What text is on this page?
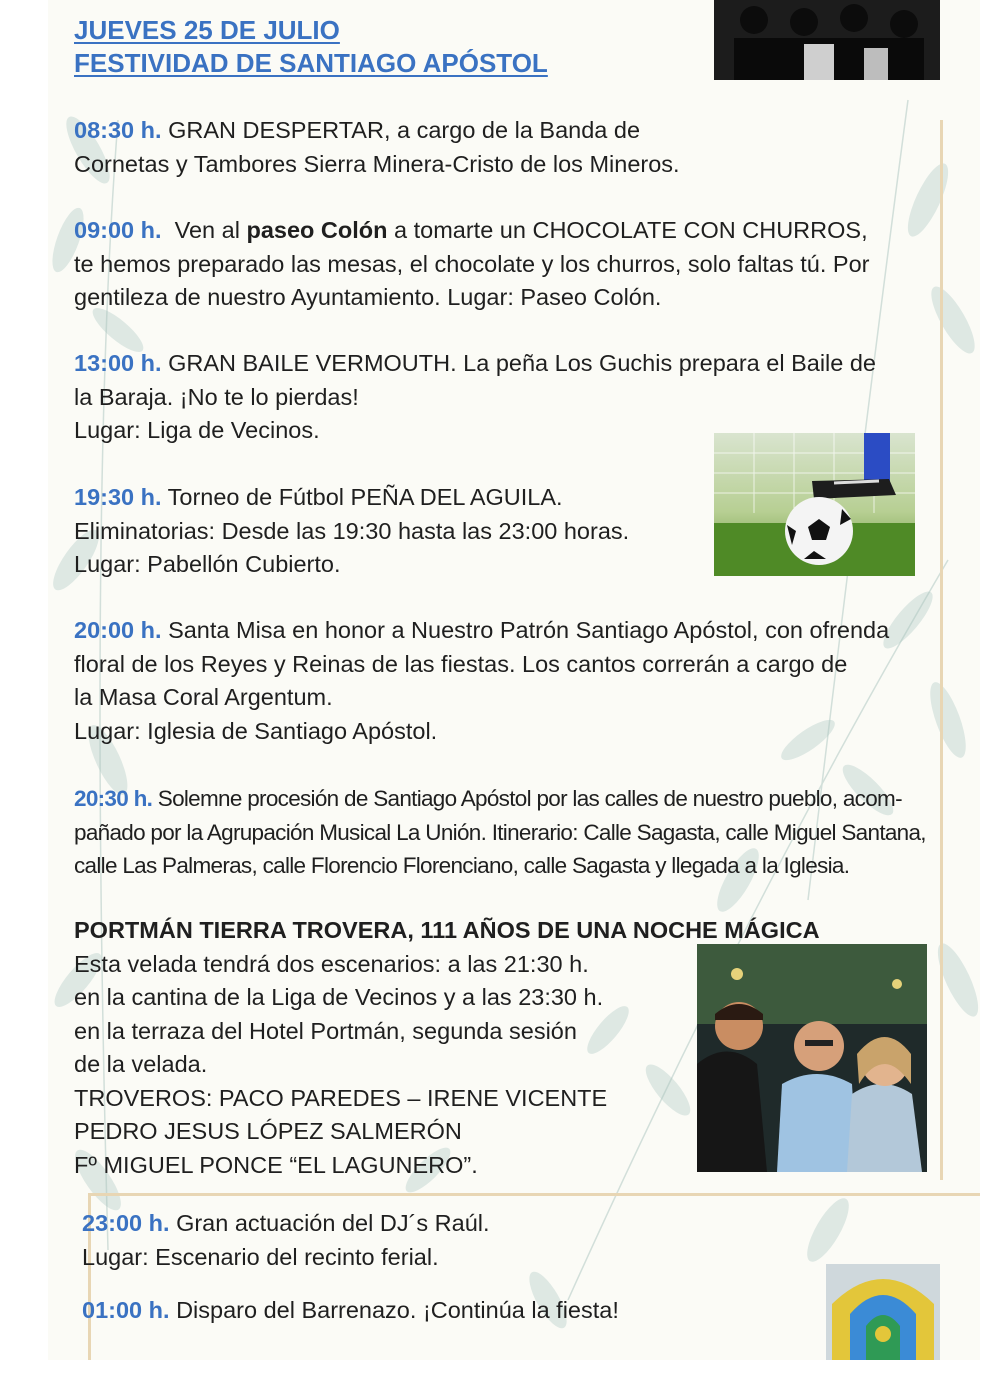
JUEVES 25 DE JULIO
FESTIVIDAD DE SANTIAGO APÓSTOL

08:30 h. GRAN DESPERTAR, a cargo de la Banda de
Cornetas y Tambores Sierra Minera-Cristo de los Mineros.

09:00 h. Ven al paseo Colón a tomarte un CHOCOLATE CON CHURROS,
te hemos preparado las mesas, el chocolate y los churros, solo faltas tú. Por
gentileza de nuestro Ayuntamiento. Lugar: Paseo Colón.

13:00 h. GRAN BAILE VERMOUTH. La peña Los Guchis prepara el Baile de
la Baraja. ¡No te lo pierdas!
Lugar: Liga de Vecinos.

19:30 h. Torneo de Fútbol PEÑA DEL AGUILA.
Eliminatorias: Desde las 19:30 hasta las 23:00 horas.
Lugar: Pabellón Cubierto.

20:00 h. Santa Misa en honor a Nuestro Patrón Santiago Apóstol, con ofrenda
floral de los Reyes y Reinas de las fiestas. Los cantos correrán a cargo de
la Masa Coral Argentum.
Lugar: Iglesia de Santiago Apóstol.

20:30 h. Solemne procesión de Santiago Apóstol por las calles de nuestro pueblo, acom-
pañado por la Agrupación Musical La Unión. Itinerario: Calle Sagasta, calle Miguel Santana,
calle Las Palmeras, calle Florencio Florenciano, calle Sagasta y llegada a la Iglesia.

PORTMÁN TIERRA TROVERA, 111 AÑOS DE UNA NOCHE MÁGICA
Esta velada tendrá dos escenarios: a las 21:30 h.
en la cantina de la Liga de Vecinos y a las 23:30 h.
en la terraza del Hotel Portmán, segunda sesión
de la velada.
TROVEROS: PACO PAREDES – IRENE VICENTE
PEDRO JESUS LÓPEZ SALMERÓN
Fº MIGUEL PONCE “EL LAGUNERO”.

23:00 h. Gran actuación del DJ´s Raúl.
Lugar: Escenario del recinto ferial.

01:00 h. Disparo del Barrenazo. ¡Continúa la fiesta!
